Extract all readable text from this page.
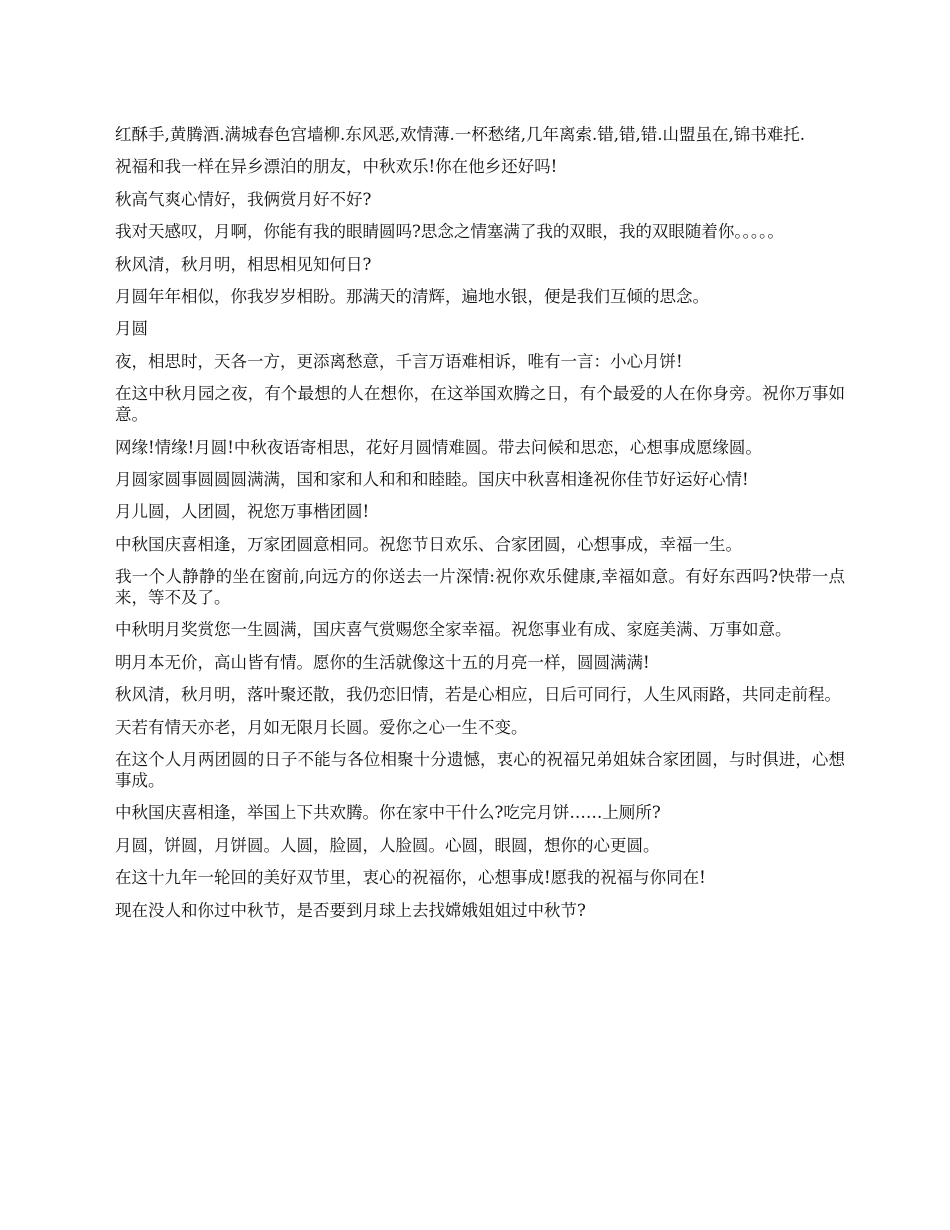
红酥手,黄腾酒.满城春色宫墙柳.东风恶,欢情薄.一杯愁绪,几年离索.错,错,错.山盟虽在,锦书难托.

祝福和我一样在异乡漂泊的朋友，中秋欢乐!你在他乡还好吗!

秋高气爽心情好，我俩赏月好不好?

我对天感叹，月啊，你能有我的眼睛圆吗?思念之情塞满了我的双眼，我的双眼随着你。。。。。

秋风清，秋月明，相思相见知何日?

月圆年年相似，你我岁岁相盼。那满天的清辉，遍地水银，便是我们互倾的思念。

月圆

夜，相思时，天各一方，更添离愁意，千言万语难相诉，唯有一言：小心月饼!

在这中秋月园之夜，有个最想的人在想你，在这举国欢腾之日，有个最爱的人在你身旁。祝你万事如意。

网缘!情缘!月圆!中秋夜语寄相思，花好月圆情难圆。带去问候和思恋，心想事成愿缘圆。

月圆家圆事圆圆圆满满，国和家和人和和和睦睦。国庆中秋喜相逢祝你佳节好运好心情!

月儿圆，人团圆，祝您万事楷团圆!

中秋国庆喜相逢，万家团圆意相同。祝您节日欢乐、合家团圆，心想事成，幸福一生。

我一个人静静的坐在窗前,向远方的你送去一片深情:祝你欢乐健康,幸福如意。有好东西吗?快带一点来，等不及了。

中秋明月奖赏您一生圆满，国庆喜气赏赐您全家幸福。祝您事业有成、家庭美满、万事如意。

明月本无价，高山皆有情。愿你的生活就像这十五的月亮一样，圆圆满满!

秋风清，秋月明，落叶聚还散，我仍恋旧情，若是心相应，日后可同行，人生风雨路，共同走前程。

天若有情天亦老，月如无限月长圆。爱你之心一生不变。

在这个人月两团圆的日子不能与各位相聚十分遗憾，衷心的祝福兄弟姐妹合家团圆，与时俱进，心想事成。

中秋国庆喜相逢，举国上下共欢腾。你在家中干什么?吃完月饼……上厕所?

月圆，饼圆，月饼圆。人圆，脸圆，人脸圆。心圆，眼圆，想你的心更圆。

在这十九年一轮回的美好双节里，衷心的祝福你，心想事成!愿我的祝福与你同在!

现在没人和你过中秋节，是否要到月球上去找嫦娥姐姐过中秋节?
